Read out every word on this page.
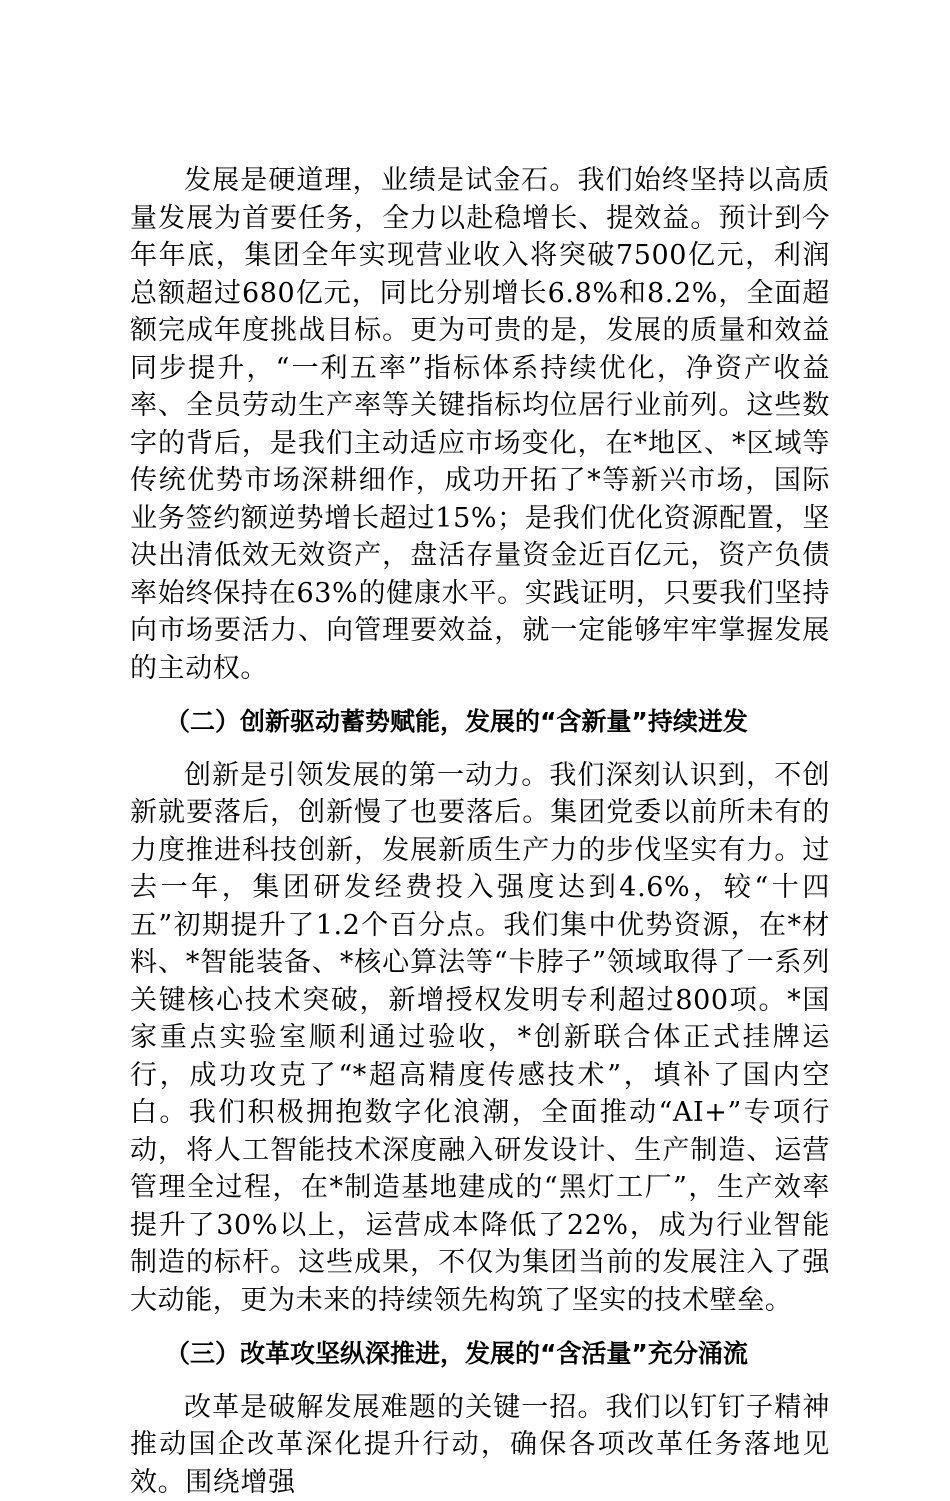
发展是硬道理，业绩是试金石。我们始终坚持以高质量发展为首要任务，全力以赴稳增长、提效益。预计到今年年底，集团全年实现营业收入将突破7500亿元，利润总额超过680亿元，同比分别增长6.8%和8.2%，全面超额完成年度挑战目标。更为可贵的是，发展的质量和效益同步提升，“一利五率”指标体系持续优化，净资产收益率、全员劳动生产率等关键指标均位居行业前列。这些数字的背后，是我们主动适应市场变化，在*地区、*区域等传统优势市场深耕细作，成功开拓了*等新兴市场，国际业务签约额逆势增长超过15%；是我们优化资源配置，坚决出清低效无效资产，盘活存量资金近百亿元，资产负债率始终保持在63%的健康水平。实践证明，只要我们坚持向市场要活力、向管理要效益，就一定能够牢牢掌握发展的主动权。

（二）创新驱动蓄势赋能，发展的“含新量”持续迸发

创新是引领发展的第一动力。我们深刻认识到，不创新就要落后，创新慢了也要落后。集团党委以前所未有的力度推进科技创新，发展新质生产力的步伐坚实有力。过去一年，集团研发经费投入强度达到4.6%，较“十四五”初期提升了1.2个百分点。我们集中优势资源，在*材料、*智能装备、*核心算法等“卡脖子”领域取得了一系列关键核心技术突破，新增授权发明专利超过800项。*国家重点实验室顺利通过验收，*创新联合体正式挂牌运行，成功攻克了“*超高精度传感技术”，填补了国内空白。我们积极拥抱数字化浪潮，全面推动“AI+”专项行动，将人工智能技术深度融入研发设计、生产制造、运营管理全过程，在*制造基地建成的“黑灯工厂”，生产效率提升了30%以上，运营成本降低了22%，成为行业智能制造的标杆。这些成果，不仅为集团当前的发展注入了强大动能，更为未来的持续领先构筑了坚实的技术壁垒。

（三）改革攻坚纵深推进，发展的“含活量”充分涌流

改革是破解发展难题的关键一招。我们以钉钉子精神推动国企改革深化提升行动，确保各项改革任务落地见效。围绕增强
